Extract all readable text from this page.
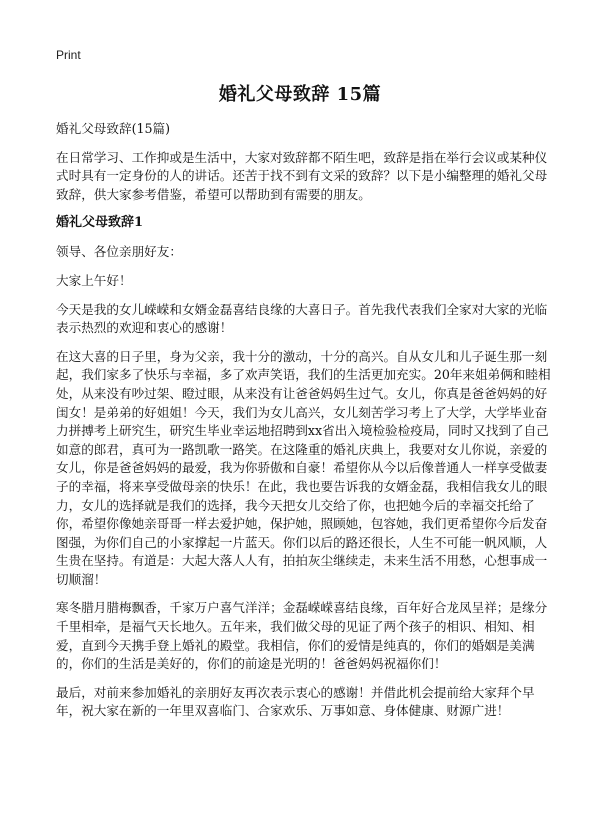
Print
婚礼父母致辞 15篇

婚礼父母致辞(15篇)

在日常学习、工作抑或是生活中，大家对致辞都不陌生吧，致辞是指在举行会议或某种仪式时具有一定身份的人的讲话。还苦于找不到有文采的致辞？以下是小编整理的婚礼父母致辞，供大家参考借鉴，希望可以帮助到有需要的朋友。

婚礼父母致辞1

领导、各位亲朋好友：

大家上午好！

今天是我的女儿嵘嵘和女婿金磊喜结良缘的大喜日子。首先我代表我们全家对大家的光临表示热烈的欢迎和衷心的感谢！

在这大喜的日子里，身为父亲，我十分的激动，十分的高兴。自从女儿和儿子诞生那一刻起，我们家多了快乐与幸福，多了欢声笑语，我们的生活更加充实。20年来姐弟俩和睦相处，从来没有吵过架、瞪过眼，从来没有让爸爸妈妈生过气。女儿，你真是爸爸妈妈的好闺女！是弟弟的好姐姐！今天，我们为女儿高兴，女儿刻苦学习考上了大学，大学毕业奋力拼搏考上研究生，研究生毕业幸运地招聘到xx省出入境检验检疫局，同时又找到了自己如意的郎君，真可为一路凯歌一路笑。在这隆重的婚礼庆典上，我要对女儿你说，亲爱的女儿，你是爸爸妈妈的最爱，我为你骄傲和自豪！希望你从今以后像普通人一样享受做妻子的幸福，将来享受做母亲的快乐！在此，我也要告诉我的女婿金磊，我相信我女儿的眼力，女儿的选择就是我们的选择，我今天把女儿交给了你，也把她今后的幸福交托给了你，希望你像她亲哥哥一样去爱护她，保护她，照顾她，包容她，我们更希望你今后发奋图强，为你们自己的小家撑起一片蓝天。你们以后的路还很长，人生不可能一帆风顺，人生贵在坚持。有道是：大起大落人人有，拍拍灰尘继续走，未来生活不用愁，心想事成一切顺溜！

寒冬腊月腊梅飘香，千家万户喜气洋洋；金磊嵘嵘喜结良缘，百年好合龙凤呈祥；是缘分千里相牵，是福气天长地久。五年来，我们做父母的见证了两个孩子的相识、相知、相爱，直到今天携手登上婚礼的殿堂。我相信，你们的爱情是纯真的，你们的婚姻是美满的，你们的生活是美好的，你们的前途是光明的！爸爸妈妈祝福你们！

最后，对前来参加婚礼的亲朋好友再次表示衷心的感谢！并借此机会提前给大家拜个早年，祝大家在新的一年里双喜临门、合家欢乐、万事如意、身体健康、财源广进！
